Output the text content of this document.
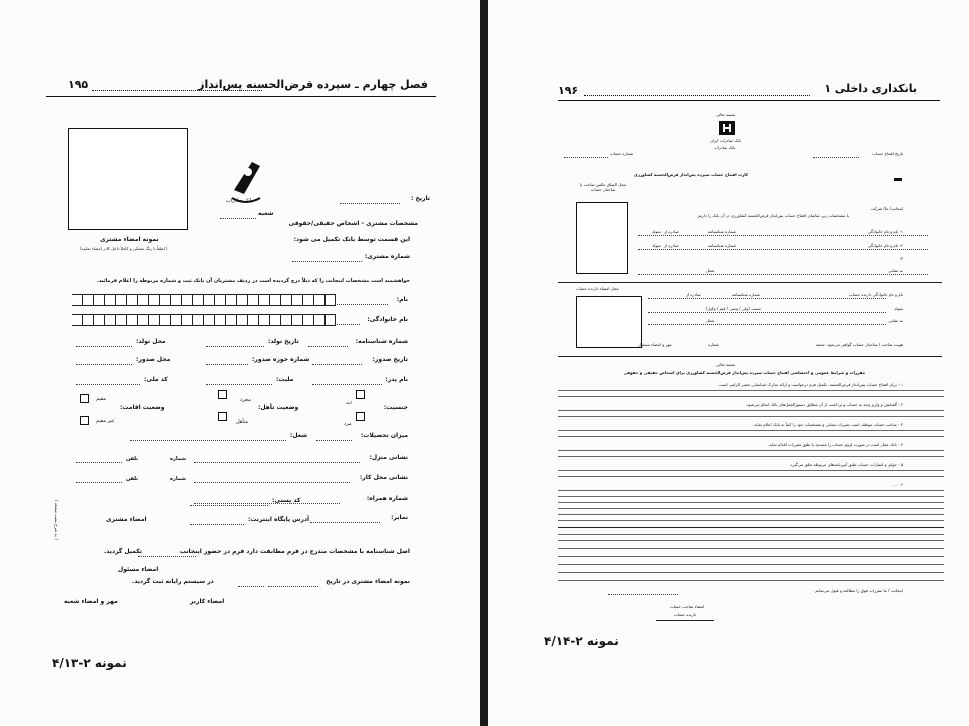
فصل چهارم ـ سپرده قرض‌الحسنه پس‌انداز
۱۹۵
بانک صادرات	تاریخ :
شعبه
مشخصات مشتری - اشخاص حقیقی/حقوقی
نمونه امضاء مشتری
( لطفاً با رنگ مشکی و کاملاً داخل کادر امضاء نمایید)
این قسمت توسط بانک تکمیل می شود:
شماره مشتری:
خواهشمند است مشخصات اینجانب را که ذیلاً درج گردیده است در ردیف مشتریان آن بانک ثبت و شماره مربوطه را اعلام فرمائید.
نام:
نام خانوادگی:
شماره شناسنامه:
تاریخ تولد:
محل تولد:
تاریخ صدور:
شماره حوزه صدور:
محل صدور:
نام پدر:
ملیت:
کد ملی:
جنسیت:
زن
مرد
وضعیت تأهل:
مجرد
متأهل
وضعیت اقامت:
مقیم
غیر مقیم
میزان تحصیلات:
شغل:
نشانی منزل:
شماره
تلفن
نشانی محل کار:
شماره
تلفن
شماره همراه:
نمابر:
کد پستی:
آدرس پایگاه اینترنت:
امضاء مشتری
( به شرح پشت صفحه )
اصل شناسنامه با مشخصات مندرج در فرم مطابقت دارد فرم در حضور اینجانب
تکمیل گردید.
امضاء مسئول
نمونه امضاء مشتری در تاریخ
در سیستم رایانه ثبت گردید.
امضاء کاربر
مهر و امضاء شعبه
نمونه ۲-۴/۱۳
بانکداری داخلی ۱
۱۹۶
بسمه تعالی
بانک صادرات ایران
بانک صادرات
تاریخ افتتاح حساب
شماره حساب
کارت افتتاح حساب سپرده پس‌انداز قرض‌الحسنه کشاورزی
محل الصاق عکس صاحب یا صاحبان حساب
اینجانب/ ما/ شرکت
با مشخصات زیر، تقاضای افتتاح حساب پس‌انداز قرض‌الحسنه کشاورزی در آن بانک را داریم.
۱- نام و نام خانوادگی
شماره شناسنامه
صادره از
متولد
۲- نام و نام خانوادگی
شماره شناسنامه
صادره از
متولد
۳-
به نشانی
شغل
محل امضاء دارنده حساب
نام و نام خانوادگی دارنده حساب
شماره شناسنامه
صادره از
متولد
نسبت (ولی / وصی / قیم / وکیل)
به نشانی
شغل
هویت صاحب / صاحبان حساب گواهی می‌شود. شعبه
شماره
مهر و امضاء مسئول
بسمه تعالی
مقررات و شرایط عمومی و اختصاصی افتتاح حساب سپرده پس‌انداز قرض‌الحسنه کشاورزی برای اشخاص حقیقی و حقوقی
۱ - برای افتتاح حساب پس‌انداز قرض‌الحسنه، تکمیل فرم درخواست و ارائه مدارک شناسایی معتبر الزامی است.
۲ - گشایش و واریز وجه به حساب و برداشت از آن مطابق دستورالعمل‌های بانک انجام می‌شود.
۳ - صاحب حساب موظف است تغییرات نشانی و مشخصات خود را کتباً به بانک اعلام نماید.
۴ - بانک مجاز است در صورت لزوم حساب را مسدود یا طبق مقررات اقدام نماید.
۵ - جوایز و امتیازات حساب طبق آیین‌نامه‌های مربوطه تعلق می‌گیرد.
۶ - ...
اینجانب / ما مقررات فوق را مطالعه و قبول می‌نمایم.
امضاء صاحب حساب
دارنده حساب
نمونه ۲-۴/۱۴
